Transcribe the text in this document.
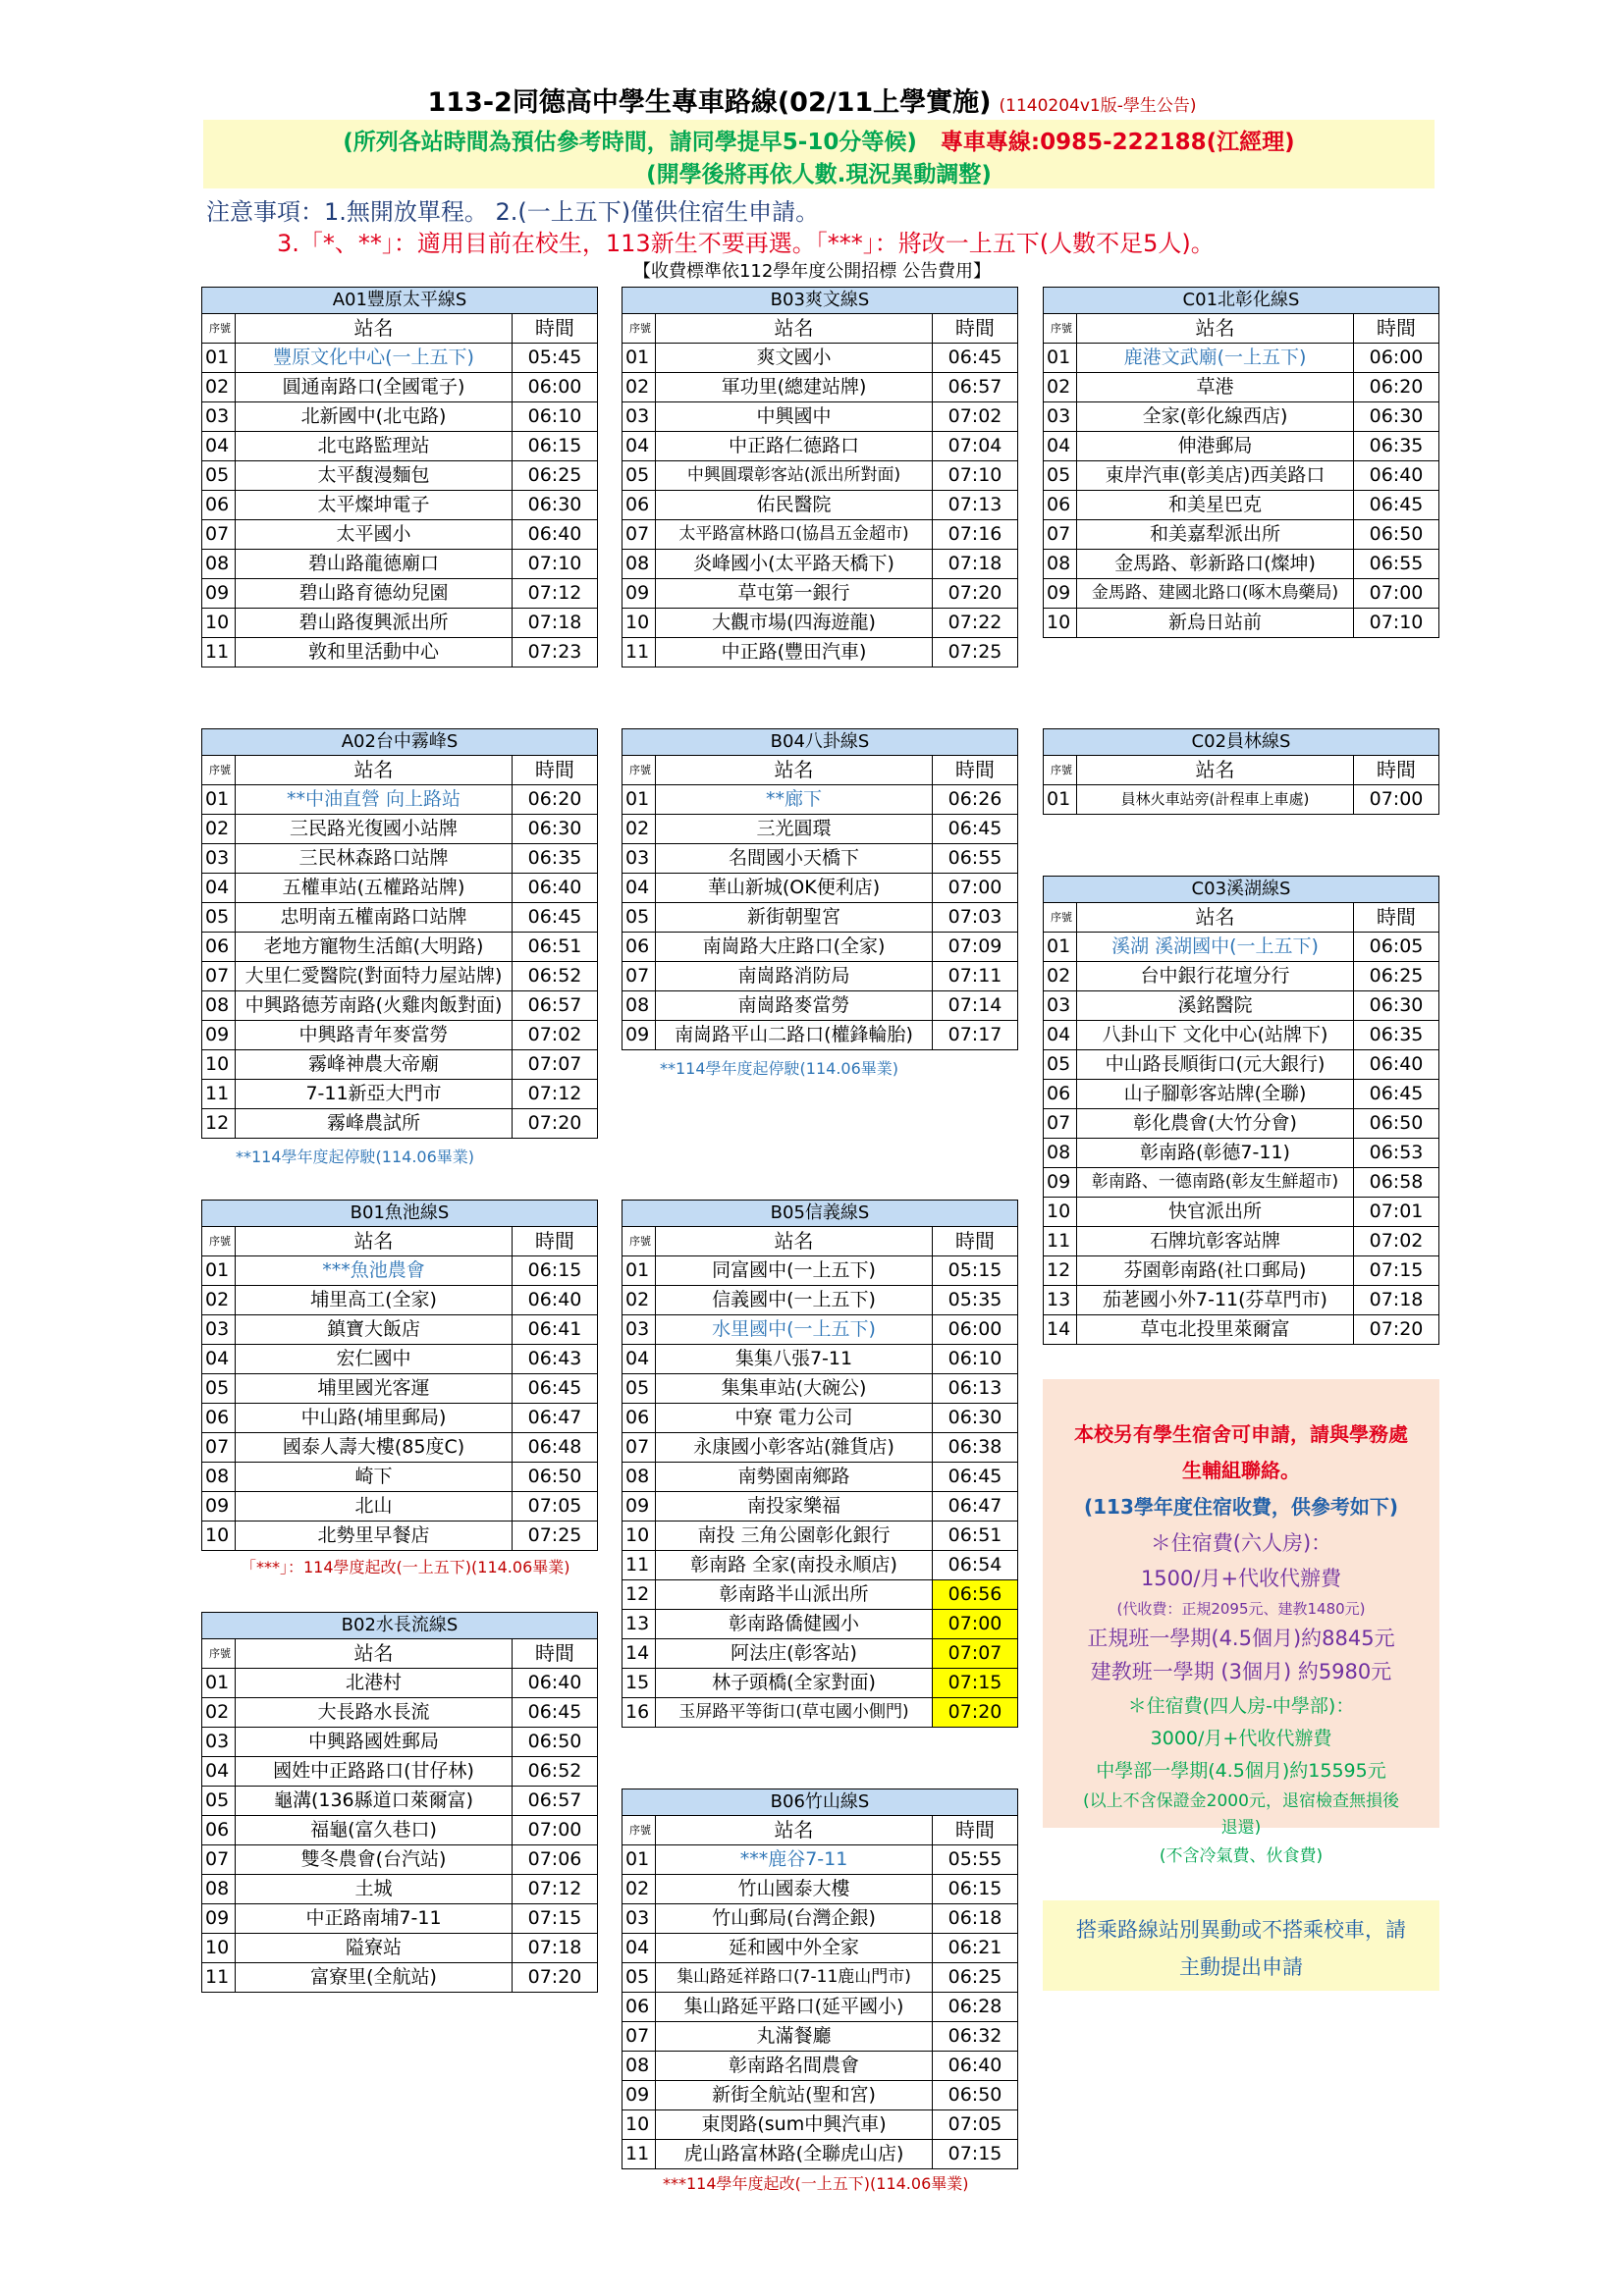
113-2同德高中學生專車路線(02/11上學實施) (1140204v1版-學生公告)
(所列各站時間為預估參考時間，請同學提早5-10分等候) 專車專線:0985-222188(江經理)
(開學後將再依人數.現況異動調整)
注意事項：1.無開放單程。 2.(一上五下)僅供住宿生申請。
3.「*、**」：適用目前在校生，113新生不要再選。「***」：將改一上五下(人數不足5人)。
【收費標準依112學年度公開招標 公告費用】
A01豐原太平線S		
序號	站名	時間
01	豐原文化中心(一上五下)	05:45
02	圓通南路口(全國電子)	06:00
03	北新國中(北屯路)	06:10
04	北屯路監理站	06:15
05	太平馥漫麵包	06:25
06	太平燦坤電子	06:30
07	太平國小	06:40
08	碧山路龍德廟口	07:10
09	碧山路育德幼兒園	07:12
10	碧山路復興派出所	07:18
11	敦和里活動中心	07:23
B03爽文線S		
序號	站名	時間
01	爽文國小	06:45
02	軍功里(總建站牌)	06:57
03	中興國中	07:02
04	中正路仁德路口	07:04
05	中興圓環彰客站(派出所對面)	07:10
06	佑民醫院	07:13
07	太平路富林路口(協昌五金超市)	07:16
08	炎峰國小(太平路天橋下)	07:18
09	草屯第一銀行	07:20
10	大觀市場(四海遊龍)	07:22
11	中正路(豐田汽車)	07:25
C01北彰化線S		
序號	站名	時間
01	鹿港文武廟(一上五下)	06:00
02	草港	06:20
03	全家(彰化線西店)	06:30
04	伸港郵局	06:35
05	東岸汽車(彰美店)西美路口	06:40
06	和美星巴克	06:45
07	和美嘉犁派出所	06:50
08	金馬路、彰新路口(燦坤)	06:55
09	金馬路、建國北路口(啄木鳥藥局)	07:00
10	新烏日站前	07:10
A02台中霧峰S		
序號	站名	時間
01	**中油直營 向上路站	06:20
02	三民路光復國小站牌	06:30
03	三民林森路口站牌	06:35
04	五權車站(五權路站牌)	06:40
05	忠明南五權南路口站牌	06:45
06	老地方寵物生活館(大明路)	06:51
07	大里仁愛醫院(對面特力屋站牌)	06:52
08	中興路德芳南路(火雞肉飯對面)	06:57
09	中興路青年麥當勞	07:02
10	霧峰神農大帝廟	07:07
11	7-11新亞大門市	07:12
12	霧峰農試所	07:20
B04八卦線S		
序號	站名	時間
01	**廊下	06:26
02	三光圓環	06:45
03	名間國小天橋下	06:55
04	華山新城(OK便利店)	07:00
05	新街朝聖宮	07:03
06	南崗路大庄路口(全家)	07:09
07	南崗路消防局	07:11
08	南崗路麥當勞	07:14
09	南崗路平山二路口(權鋒輪胎)	07:17
C02員林線S		
序號	站名	時間
01	員林火車站旁(計程車上車處)	07:00
C03溪湖線S		
序號	站名	時間
01	溪湖 溪湖國中(一上五下)	06:05
02	台中銀行花壇分行	06:25
03	溪銘醫院	06:30
04	八卦山下 文化中心(站牌下)	06:35
05	中山路長順街口(元大銀行)	06:40
06	山子腳彰客站牌(全聯)	06:45
07	彰化農會(大竹分會)	06:50
08	彰南路(彰德7-11)	06:53
09	彰南路、一德南路(彰友生鮮超市)	06:58
10	快官派出所	07:01
11	石牌坑彰客站牌	07:02
12	芬園彰南路(社口郵局)	07:15
13	茄荖國小外7-11(芬草門市)	07:18
14	草屯北投里萊爾富	07:20
**114學年度起停駛(114.06畢業)
**114學年度起停駛(114.06畢業)
B01魚池線S		
序號	站名	時間
01	***魚池農會	06:15
02	埔里高工(全家)	06:40
03	鎮寶大飯店	06:41
04	宏仁國中	06:43
05	埔里國光客運	06:45
06	中山路(埔里郵局)	06:47
07	國泰人壽大樓(85度C)	06:48
08	崎下	06:50
09	北山	07:05
10	北勢里早餐店	07:25
B05信義線S		
序號	站名	時間
01	同富國中(一上五下)	05:15
02	信義國中(一上五下)	05:35
03	水里國中(一上五下)	06:00
04	集集八張7-11	06:10
05	集集車站(大碗公)	06:13
06	中寮 電力公司	06:30
07	永康國小彰客站(雜貨店)	06:38
08	南勢園南鄉路	06:45
09	南投家樂福	06:47
10	南投 三角公園彰化銀行	06:51
11	彰南路 全家(南投永順店)	06:54
12	彰南路半山派出所	06:56
13	彰南路僑健國小	07:00
14	阿法庄(彰客站)	07:07
15	林子頭橋(全家對面)	07:15
16	玉屏路平等街口(草屯國小側門)	07:20
「***」：114學度起改(一上五下)(114.06畢業)
B02水長流線S		
序號	站名	時間
01	北港村	06:40
02	大長路水長流	06:45
03	中興路國姓郵局	06:50
04	國姓中正路路口(甘仔林)	06:52
05	龜溝(136縣道口萊爾富)	06:57
06	福龜(富久巷口)	07:00
07	雙冬農會(台汽站)	07:06
08	土城	07:12
09	中正路南埔7-11	07:15
10	隘寮站	07:18
11	富寮里(全航站)	07:20
B06竹山線S		
序號	站名	時間
01	***鹿谷7-11	05:55
02	竹山國泰大樓	06:15
03	竹山郵局(台灣企銀)	06:18
04	延和國中外全家	06:21
05	集山路延祥路口(7-11鹿山門市)	06:25
06	集山路延平路口(延平國小)	06:28
07	丸滿餐廳	06:32
08	彰南路名間農會	06:40
09	新街全航站(聖和宮)	06:50
10	東閔路(sum中興汽車)	07:05
11	虎山路富林路(全聯虎山店)	07:15
***114學年度起改(一上五下)(114.06畢業)
本校另有學生宿舍可申請，請與學務處
生輔組聯絡。
(113學年度住宿收費，供參考如下)
＊住宿費(六人房)：
1500/月+代收代辦費
(代收費：正規2095元、建教1480元)
正規班一學期(4.5個月)約8845元
建教班一學期 (3個月) 約5980元
＊住宿費(四人房-中學部)：
3000/月+代收代辦費
中學部一學期(4.5個月)約15595元
(以上不含保證金2000元，退宿檢查無損後
退還)
(不含冷氣費、伙食費)
搭乘路線站別異動或不搭乘校車，請
主動提出申請
